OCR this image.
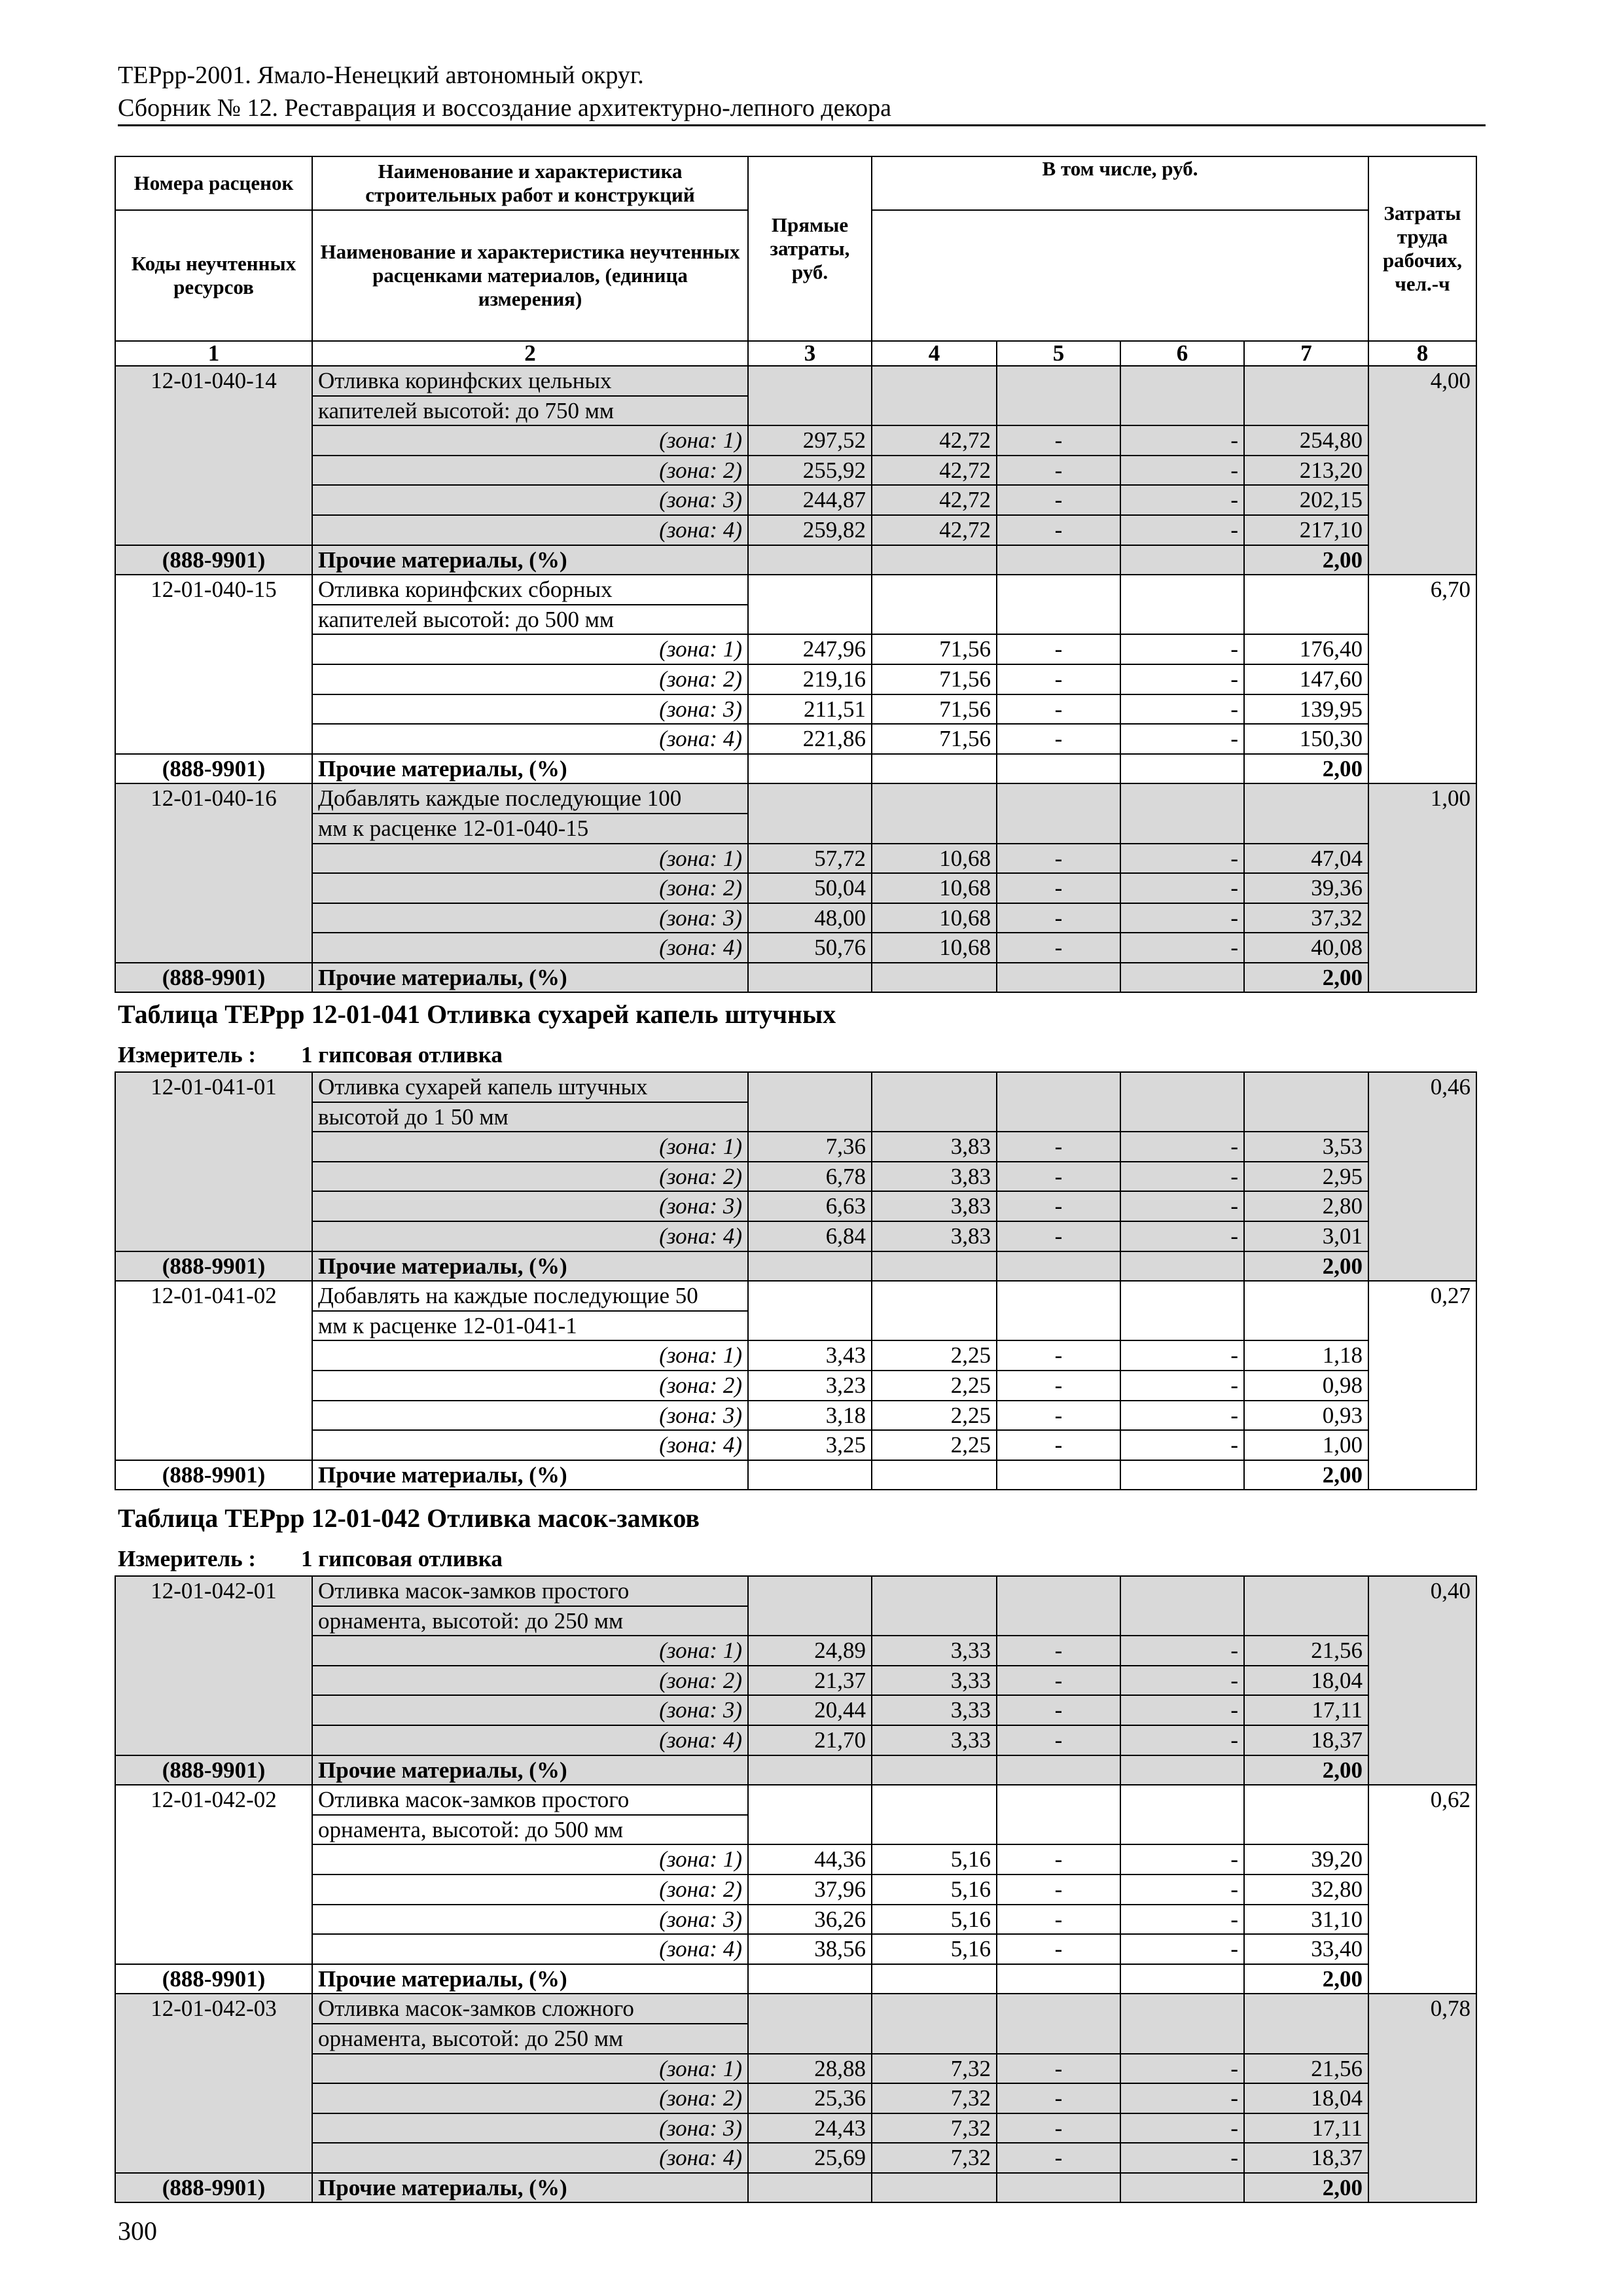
ТЕРрр-2001. Ямало-Ненецкий автономный округ.
Сборник № 12. Реставрация и воссоздание архитектурно-лепного декора
Номера расценок	Наименование и характеристика строительных работ и конструкций	Прямые затраты, руб.	В том числе, руб.				Затраты труда рабочих, чел.-ч

Коды неучтенных ресурсов	Наименование и характеристика неучтенных расценками материалов, (единица измерения)						
1	2	3	4	5	6	7	8
12-01-040-14	Отливка коринфских цельных						4,00
	капителей высотой: до 750 мм						
	(зона: 1)	297,52	42,72	-	-	254,80	
	(зона: 2)	255,92	42,72	-	-	213,20	
	(зона: 3)	244,87	42,72	-	-	202,15	
	(зона: 4)	259,82	42,72	-	-	217,10	
(888-9901)	Прочие материалы, (%)					2,00	
12-01-040-15	Отливка коринфских сборных						6,70
	капителей высотой: до 500 мм						
	(зона: 1)	247,96	71,56	-	-	176,40	
	(зона: 2)	219,16	71,56	-	-	147,60	
	(зона: 3)	211,51	71,56	-	-	139,95	
	(зона: 4)	221,86	71,56	-	-	150,30	
(888-9901)	Прочие материалы, (%)					2,00	
12-01-040-16	Добавлять каждые последующие 100						1,00
	мм к расценке 12-01-040-15						
	(зона: 1)	57,72	10,68	-	-	47,04	
	(зона: 2)	50,04	10,68	-	-	39,36	
	(зона: 3)	48,00	10,68	-	-	37,32	
	(зона: 4)	50,76	10,68	-	-	40,08	
(888-9901)	Прочие материалы, (%)					2,00	
Таблица ТЕРрр 12-01-041 Отливка сухарей капель штучных
Измеритель : 1 гипсовая отливка
12-01-041-01	Отливка сухарей капель штучных						0,46
	высотой до 1 50 мм						
	(зона: 1)	7,36	3,83	-	-	3,53	
	(зона: 2)	6,78	3,83	-	-	2,95	
	(зона: 3)	6,63	3,83	-	-	2,80	
	(зона: 4)	6,84	3,83	-	-	3,01	
(888-9901)	Прочие материалы, (%)					2,00	
12-01-041-02	Добавлять на каждые последующие 50						0,27
	мм к расценке 12-01-041-1						
	(зона: 1)	3,43	2,25	-	-	1,18	
	(зона: 2)	3,23	2,25	-	-	0,98	
	(зона: 3)	3,18	2,25	-	-	0,93	
	(зона: 4)	3,25	2,25	-	-	1,00	
(888-9901)	Прочие материалы, (%)					2,00	
Таблица ТЕРрр 12-01-042 Отливка масок-замков
Измеритель : 1 гипсовая отливка
12-01-042-01	Отливка масок-замков простого						0,40
	орнамента, высотой: до 250 мм						
	(зона: 1)	24,89	3,33	-	-	21,56	
	(зона: 2)	21,37	3,33	-	-	18,04	
	(зона: 3)	20,44	3,33	-	-	17,11	
	(зона: 4)	21,70	3,33	-	-	18,37	
(888-9901)	Прочие материалы, (%)					2,00	
12-01-042-02	Отливка масок-замков простого						0,62
	орнамента, высотой: до 500 мм						
	(зона: 1)	44,36	5,16	-	-	39,20	
	(зона: 2)	37,96	5,16	-	-	32,80	
	(зона: 3)	36,26	5,16	-	-	31,10	
	(зона: 4)	38,56	5,16	-	-	33,40	
(888-9901)	Прочие материалы, (%)					2,00	
12-01-042-03	Отливка масок-замков сложного						0,78
	орнамента, высотой: до 250 мм						
	(зона: 1)	28,88	7,32	-	-	21,56	
	(зона: 2)	25,36	7,32	-	-	18,04	
	(зона: 3)	24,43	7,32	-	-	17,11	
	(зона: 4)	25,69	7,32	-	-	18,37	
(888-9901)	Прочие материалы, (%)					2,00	
300
